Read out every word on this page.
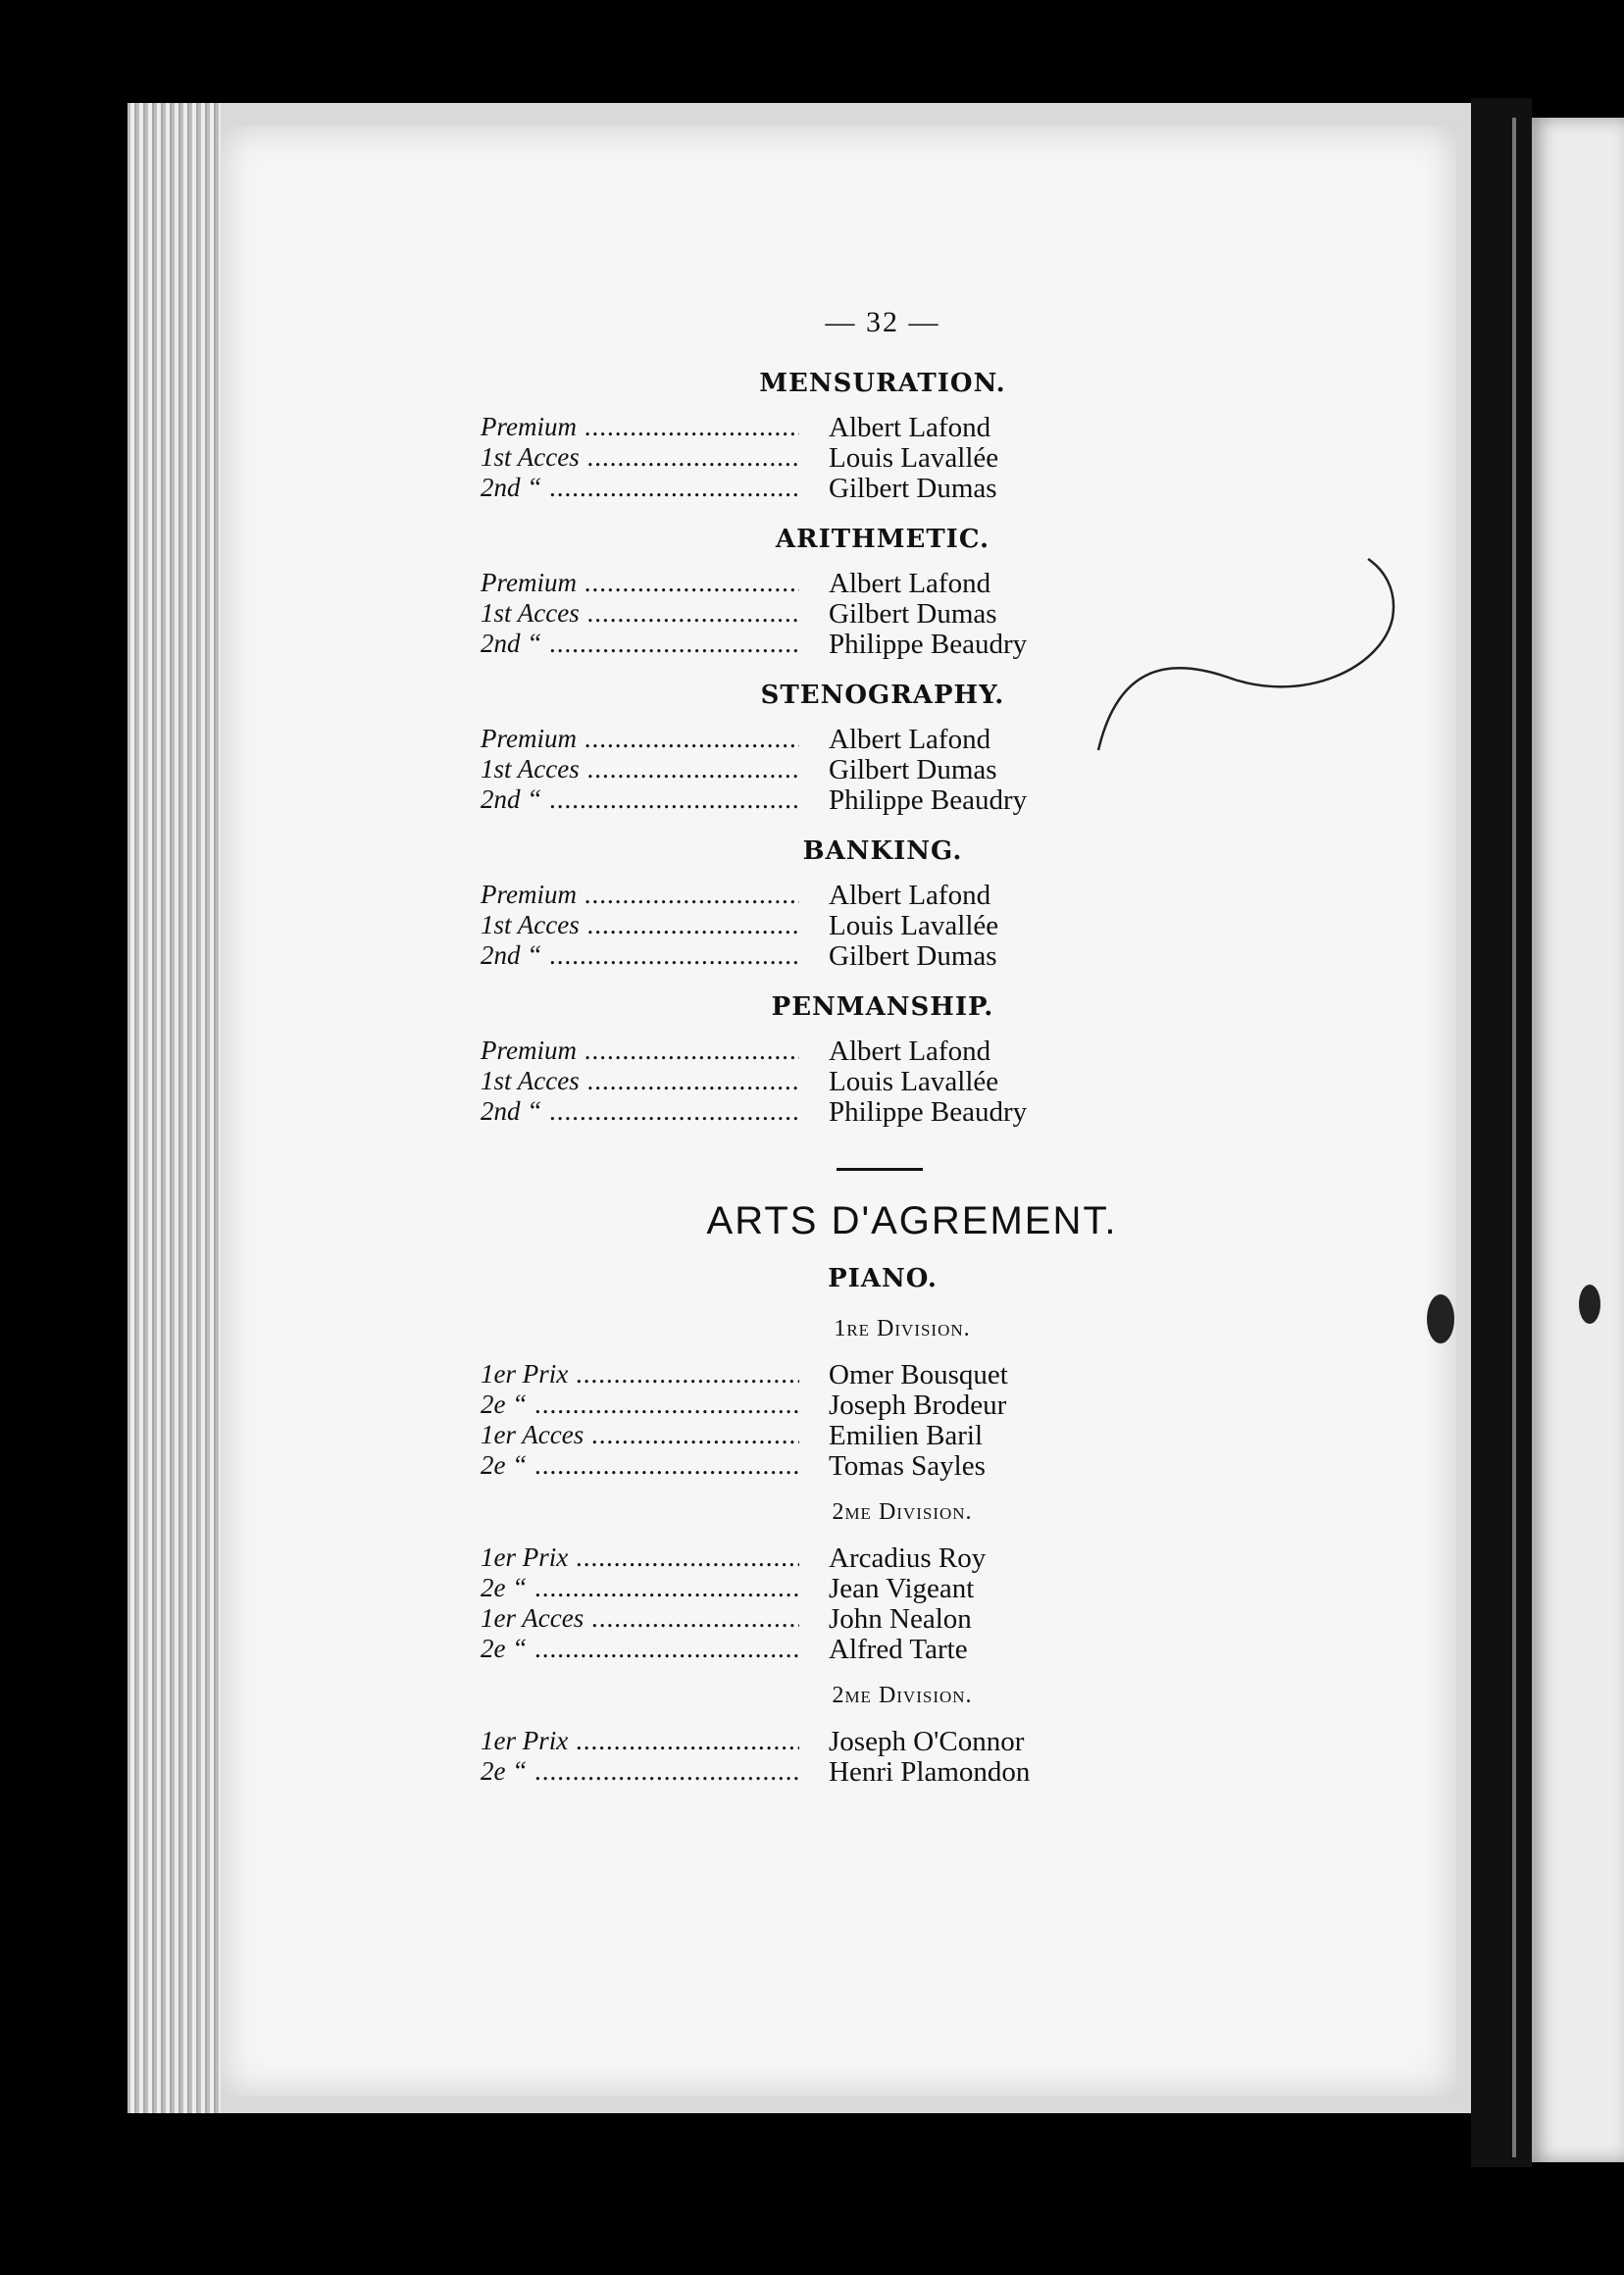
— 32 —
MENSURATION.
Premium .....	Albert Lafond
1st Acces .....	Louis Lavallée
2nd “ .....	Gilbert Dumas
ARITHMETIC.
Premium .....	Albert Lafond
1st Acces .....	Gilbert Dumas
2nd “ .....	Philippe Beaudry
STENOGRAPHY.
Premium .....	Albert Lafond
1st Acces .....	Gilbert Dumas
2nd “ .....	Philippe Beaudry
BANKING.
Premium .....	Albert Lafond
1st Acces .....	Louis Lavallée
2nd “ .....	Gilbert Dumas
PENMANSHIP.
Premium .....	Albert Lafond
1st Acces .....	Louis Lavallée
2nd “ .....	Philippe Beaudry
ARTS D'AGREMENT.
PIANO.
1re Division.
1er Prix .....	Omer Bousquet
2e “ .....	Joseph Brodeur
1er Acces .....	Emilien Baril
2e “ .....	Tomas Sayles
2me Division.
1er Prix .....	Arcadius Roy
2e “ .....	Jean Vigeant
1er Acces .....	John Nealon
2e “ .....	Alfred Tarte
2me Division.
1er Prix .....	Joseph O'Connor
2e “ .....	Henri Plamondon
